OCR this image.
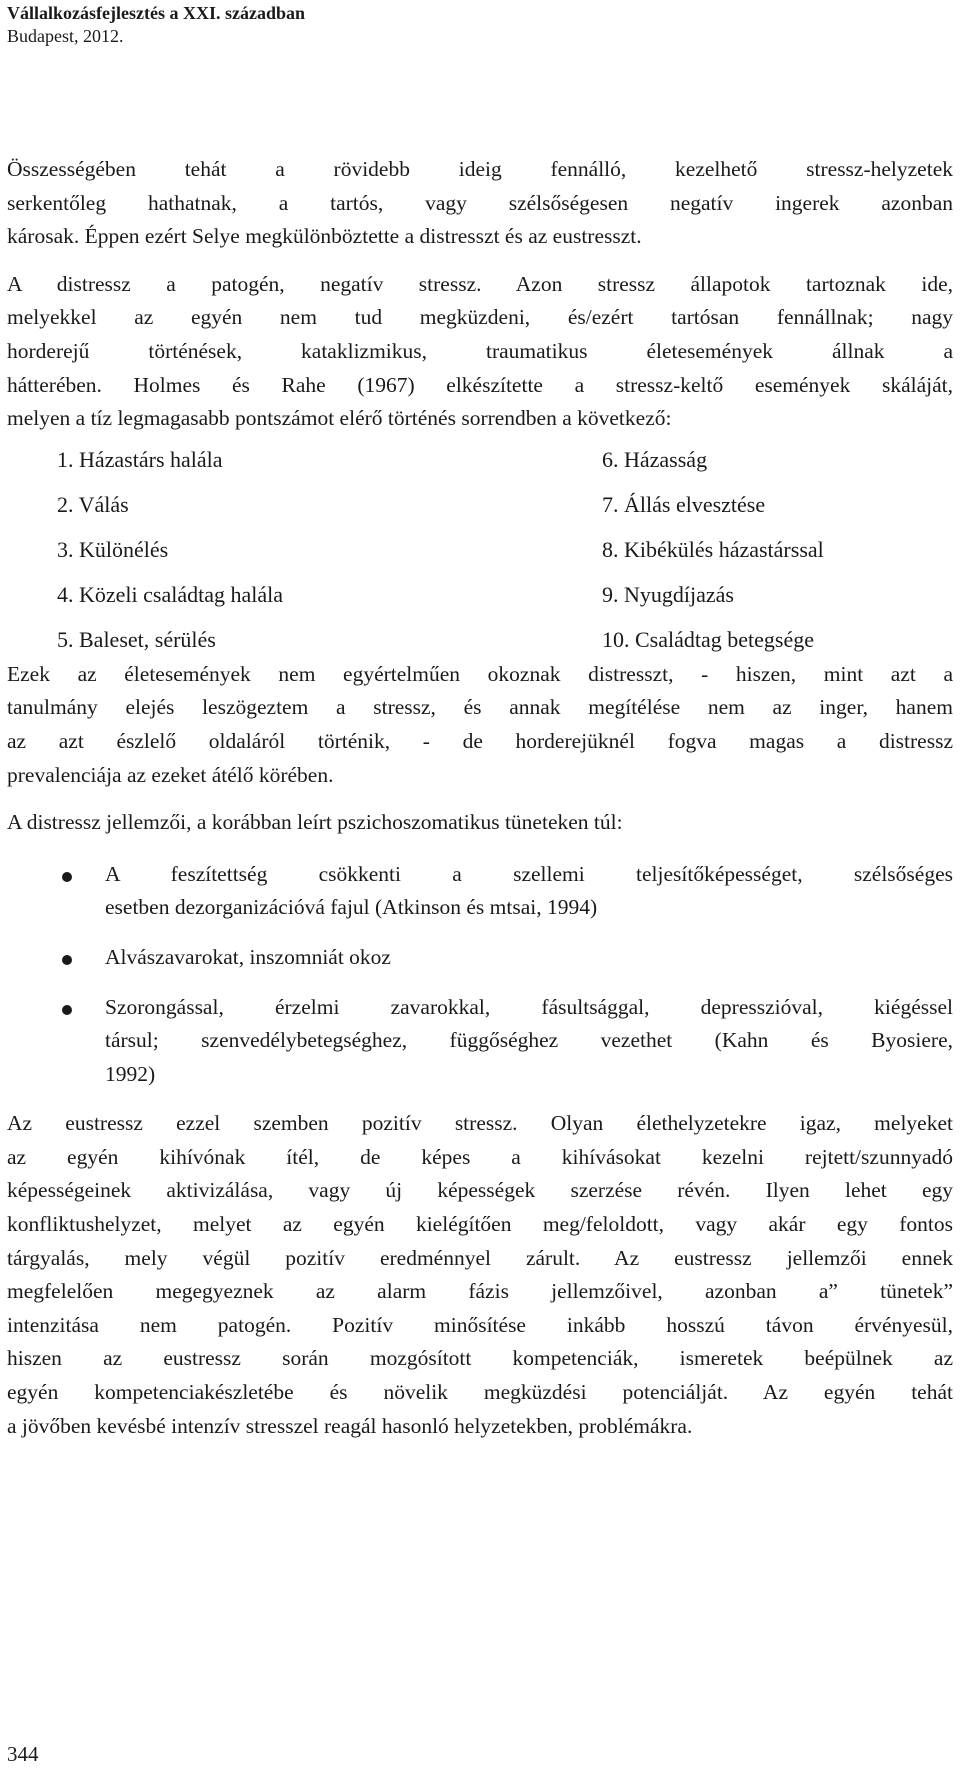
Vállalkozásfejlesztés a XXI. században
Budapest, 2012.

Összességében tehát a rövidebb ideig fennálló, kezelhető stressz-helyzetek

serkentőleg hathatnak, a tartós, vagy szélsőségesen negatív ingerek azonban

károsak. Éppen ezért Selye megkülönböztette a distresszt és az eustresszt.

A distressz a patogén, negatív stressz. Azon stressz állapotok tartoznak ide,

melyekkel az egyén nem tud megküzdeni, és/ezért tartósan fennállnak; nagy

horderejű történések, kataklizmikus, traumatikus életesemények állnak a

hátterében. Holmes és Rahe (1967) elkészítette a stressz-keltő események skáláját,

melyen a tíz legmagasabb pontszámot elérő történés sorrendben a következő:

1. Házastárs halála	6. Házasság
2. Válás	7. Állás elvesztése
3. Különélés	8. Kibékülés házastárssal
4. Közeli családtag halála	9. Nyugdíjazás
5. Baleset, sérülés	10. Családtag betegsége

Ezek az életesemények nem egyértelműen okoznak distresszt, - hiszen, mint azt a

tanulmány elejés leszögeztem a stressz, és annak megítélése nem az inger, hanem

az azt észlelő oldaláról történik, - de horderejüknél fogva magas a distressz

prevalenciája az ezeket átélő körében.

A distressz jellemzői, a korábban leírt pszichoszomatikus tüneteken túl:

A feszítettség csökkenti a szellemi teljesítőképességet, szélsőséges

esetben dezorganizációvá fajul (Atkinson és mtsai, 1994)

Alvászavarokat, inszomniát okoz

Szorongással, érzelmi zavarokkal, fásultsággal, depresszióval, kiégéssel

társul; szenvedélybetegséghez, függőséghez vezethet (Kahn és Byosiere,

1992)

Az eustressz ezzel szemben pozitív stressz. Olyan élethelyzetekre igaz, melyeket

az egyén kihívónak ítél, de képes a kihívásokat kezelni rejtett/szunnyadó

képességeinek aktivizálása, vagy új képességek szerzése révén. Ilyen lehet egy

konfliktushelyzet, melyet az egyén kielégítően meg/feloldott, vagy akár egy fontos

tárgyalás, mely végül pozitív eredménnyel zárult. Az eustressz jellemzői ennek

megfelelően megegyeznek az alarm fázis jellemzőivel, azonban a” tünetek”

intenzitása nem patogén. Pozitív minősítése inkább hosszú távon érvényesül,

hiszen az eustressz során mozgósított kompetenciák, ismeretek beépülnek az

egyén kompetenciakészletébe és növelik megküzdési potenciálját. Az egyén tehát

a jövőben kevésbé intenzív stresszel reagál hasonló helyzetekben, problémákra.

344
